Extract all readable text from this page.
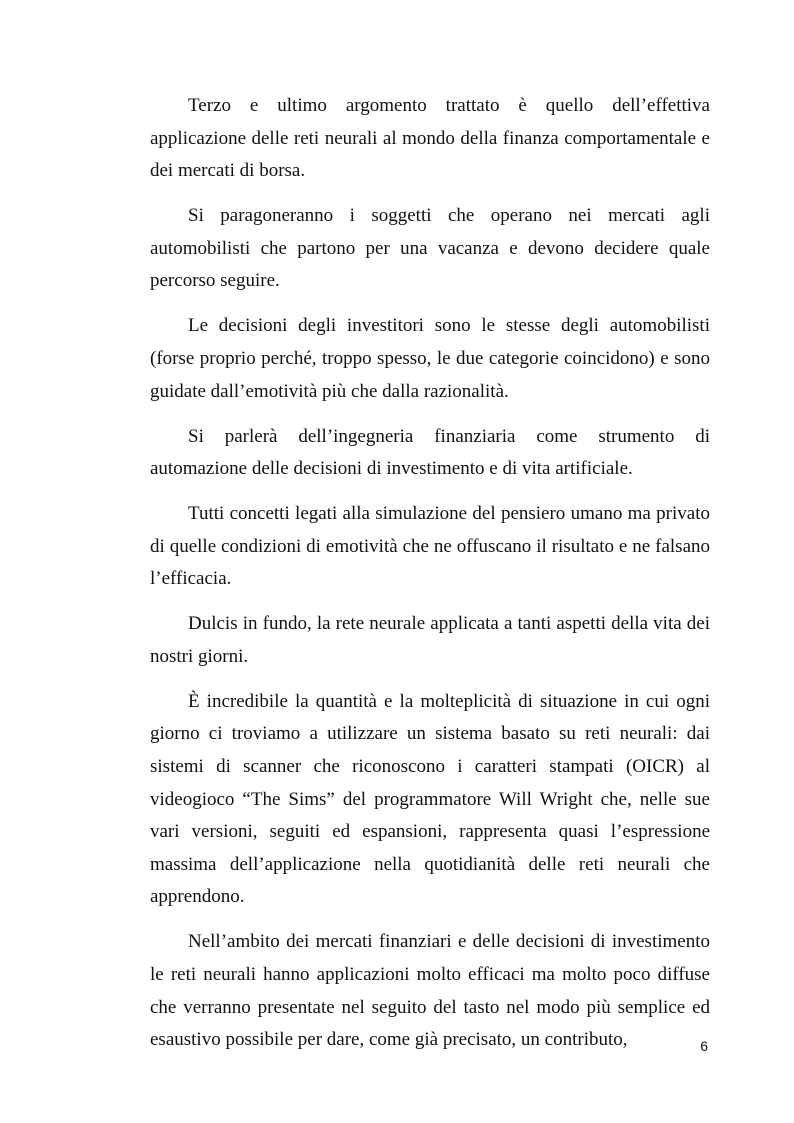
Terzo e ultimo argomento trattato è quello dell’effettiva applicazione delle reti neurali al mondo della finanza comportamentale e dei mercati di borsa.

Si paragoneranno i soggetti che operano nei mercati agli automobilisti che partono per una vacanza e devono decidere quale percorso seguire.

Le decisioni degli investitori sono le stesse degli automobilisti (forse proprio perché, troppo spesso, le due categorie coincidono) e sono guidate dall’emotività più che dalla razionalità.

Si parlerà dell’ingegneria finanziaria come strumento di automazione delle decisioni di investimento e di vita artificiale.

Tutti concetti legati alla simulazione del pensiero umano ma privato di quelle condizioni di emotività che ne offuscano il risultato e ne falsano l’efficacia.

Dulcis in fundo, la rete neurale applicata a tanti aspetti della vita dei nostri giorni.

È incredibile la quantità e la molteplicità di situazione in cui ogni giorno ci troviamo a utilizzare un sistema basato su reti neurali: dai sistemi di scanner che riconoscono i caratteri stampati (OICR) al videogioco “The Sims” del programmatore Will Wright che, nelle sue vari versioni, seguiti ed espansioni, rappresenta quasi l’espressione massima dell’applicazione nella quotidianità delle reti neurali che apprendono.

Nell’ambito dei mercati finanziari e delle decisioni di investimento le reti neurali hanno applicazioni molto efficaci ma molto poco diffuse che verranno presentate nel seguito del tasto nel modo più semplice ed esaustivo possibile per dare, come già precisato, un contributo,	6
